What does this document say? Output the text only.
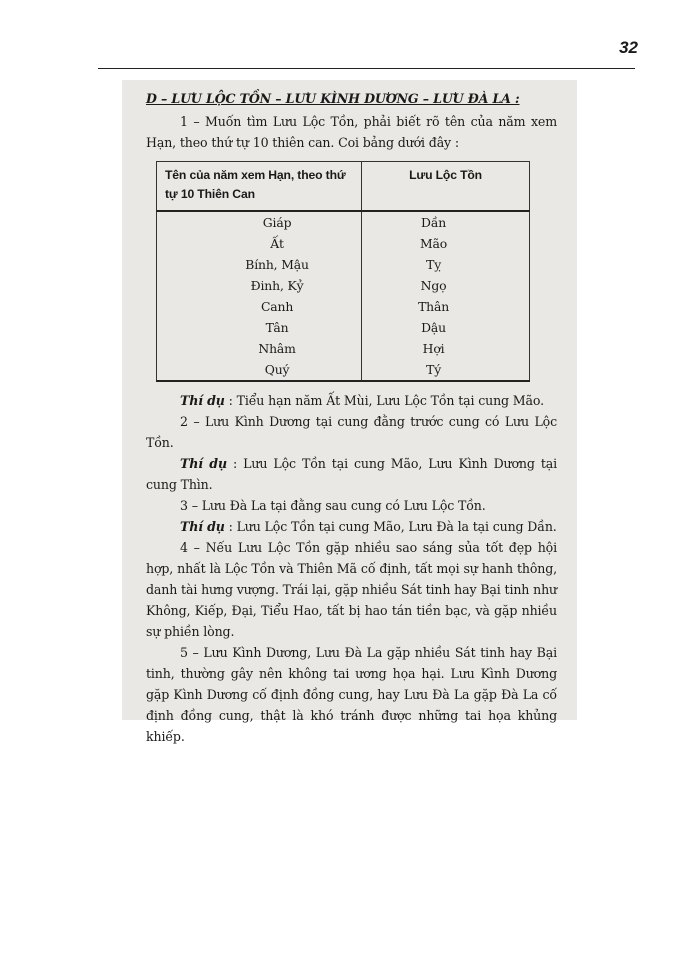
32
D – LƯU LỘC TỒN – LƯU KÌNH DƯƠNG – LƯU ĐÀ LA :

1 – Muốn tìm Lưu Lộc Tồn, phải biết rõ tên của năm xem Hạn, theo thứ tự 10 thiên can. Coi bảng dưới đây :

Tên của năm xem Hạn, theo thứ tự 10 Thiên Can	Lưu Lộc Tồn
Giáp	Dần
Ất	Mão
Bính, Mậu	Tỵ
Đinh, Kỷ	Ngọ
Canh	Thân
Tân	Dậu
Nhâm	Hợi
Quý	Tý

Thí dụ : Tiểu hạn năm Ất Mùi, Lưu Lộc Tồn tại cung Mão.

2 – Lưu Kình Dương tại cung đằng trước cung có Lưu Lộc Tồn.

Thí dụ : Lưu Lộc Tồn tại cung Mão, Lưu Kình Dương tại cung Thìn.

3 – Lưu Đà La tại đằng sau cung có Lưu Lộc Tồn.

Thí dụ : Lưu Lộc Tồn tại cung Mão, Lưu Đà la tại cung Dần.

4 – Nếu Lưu Lộc Tồn gặp nhiều sao sáng sủa tốt đẹp hội hợp, nhất là Lộc Tồn và Thiên Mã cố định, tất mọi sự hanh thông, danh tài hưng vượng. Trái lại, gặp nhiều Sát tinh hay Bại tinh như Không, Kiếp, Đại, Tiểu Hao, tất bị hao tán tiền bạc, và gặp nhiều sự phiền lòng.

5 – Lưu Kình Dương, Lưu Đà La gặp nhiều Sát tinh hay Bại tinh, thường gây nên không tai ương họa hại. Lưu Kình Dương gặp Kình Dương cố định đồng cung, hay Lưu Đà La gặp Đà La cố định đồng cung, thật là khó tránh được những tai họa khủng khiếp.
